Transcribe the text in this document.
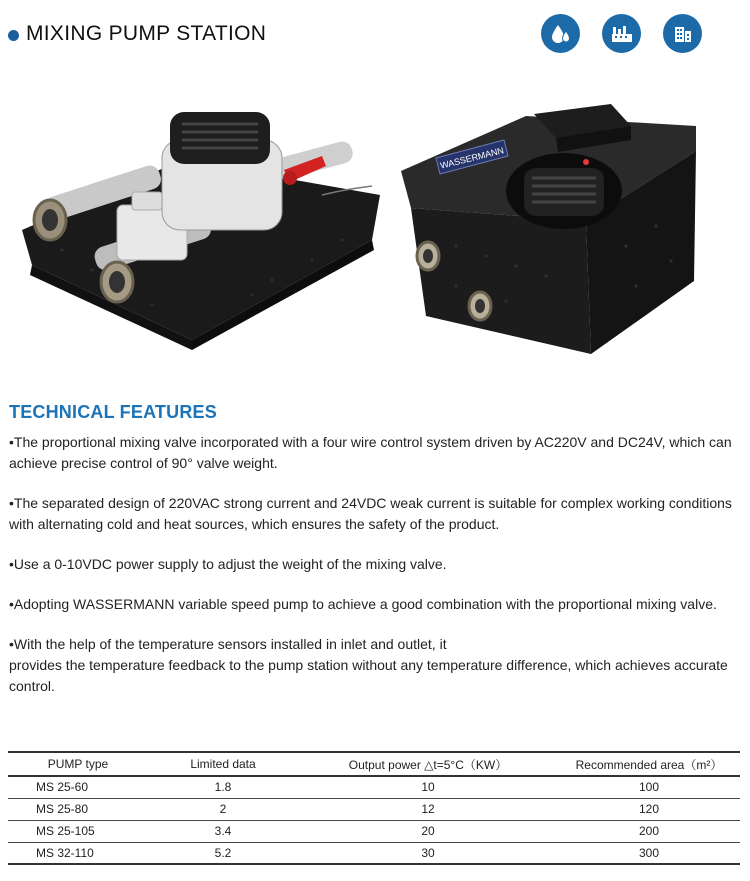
MIXING PUMP STATION
WASSERMANN
TECHNICAL FEATURES

•The proportional mixing valve incorporated with a four wire control system driven by AC220V and DC24V, which can achieve precise control of 90° valve weight.

•The separated design of 220VAC strong current and 24VDC weak current is suitable for complex working conditions with alternating cold and heat sources, which ensures the safety of the product.

•Use a 0-10VDC power supply to adjust the weight of the mixing valve.

•Adopting WASSERMANN variable speed pump to achieve a good combination with the proportional mixing valve.

•With the help of the temperature sensors installed in inlet and outlet, it
provides the temperature feedback to the pump station without any temperature difference, which achieves accurate control.

PUMP type	Limited data	Output power △t=5°C（KW）	Recommended area（m²）
MS 25-60	1.8	10	100
MS 25-80	2	12	120
MS 25-105	3.4	20	200
MS 32-110	5.2	30	300
